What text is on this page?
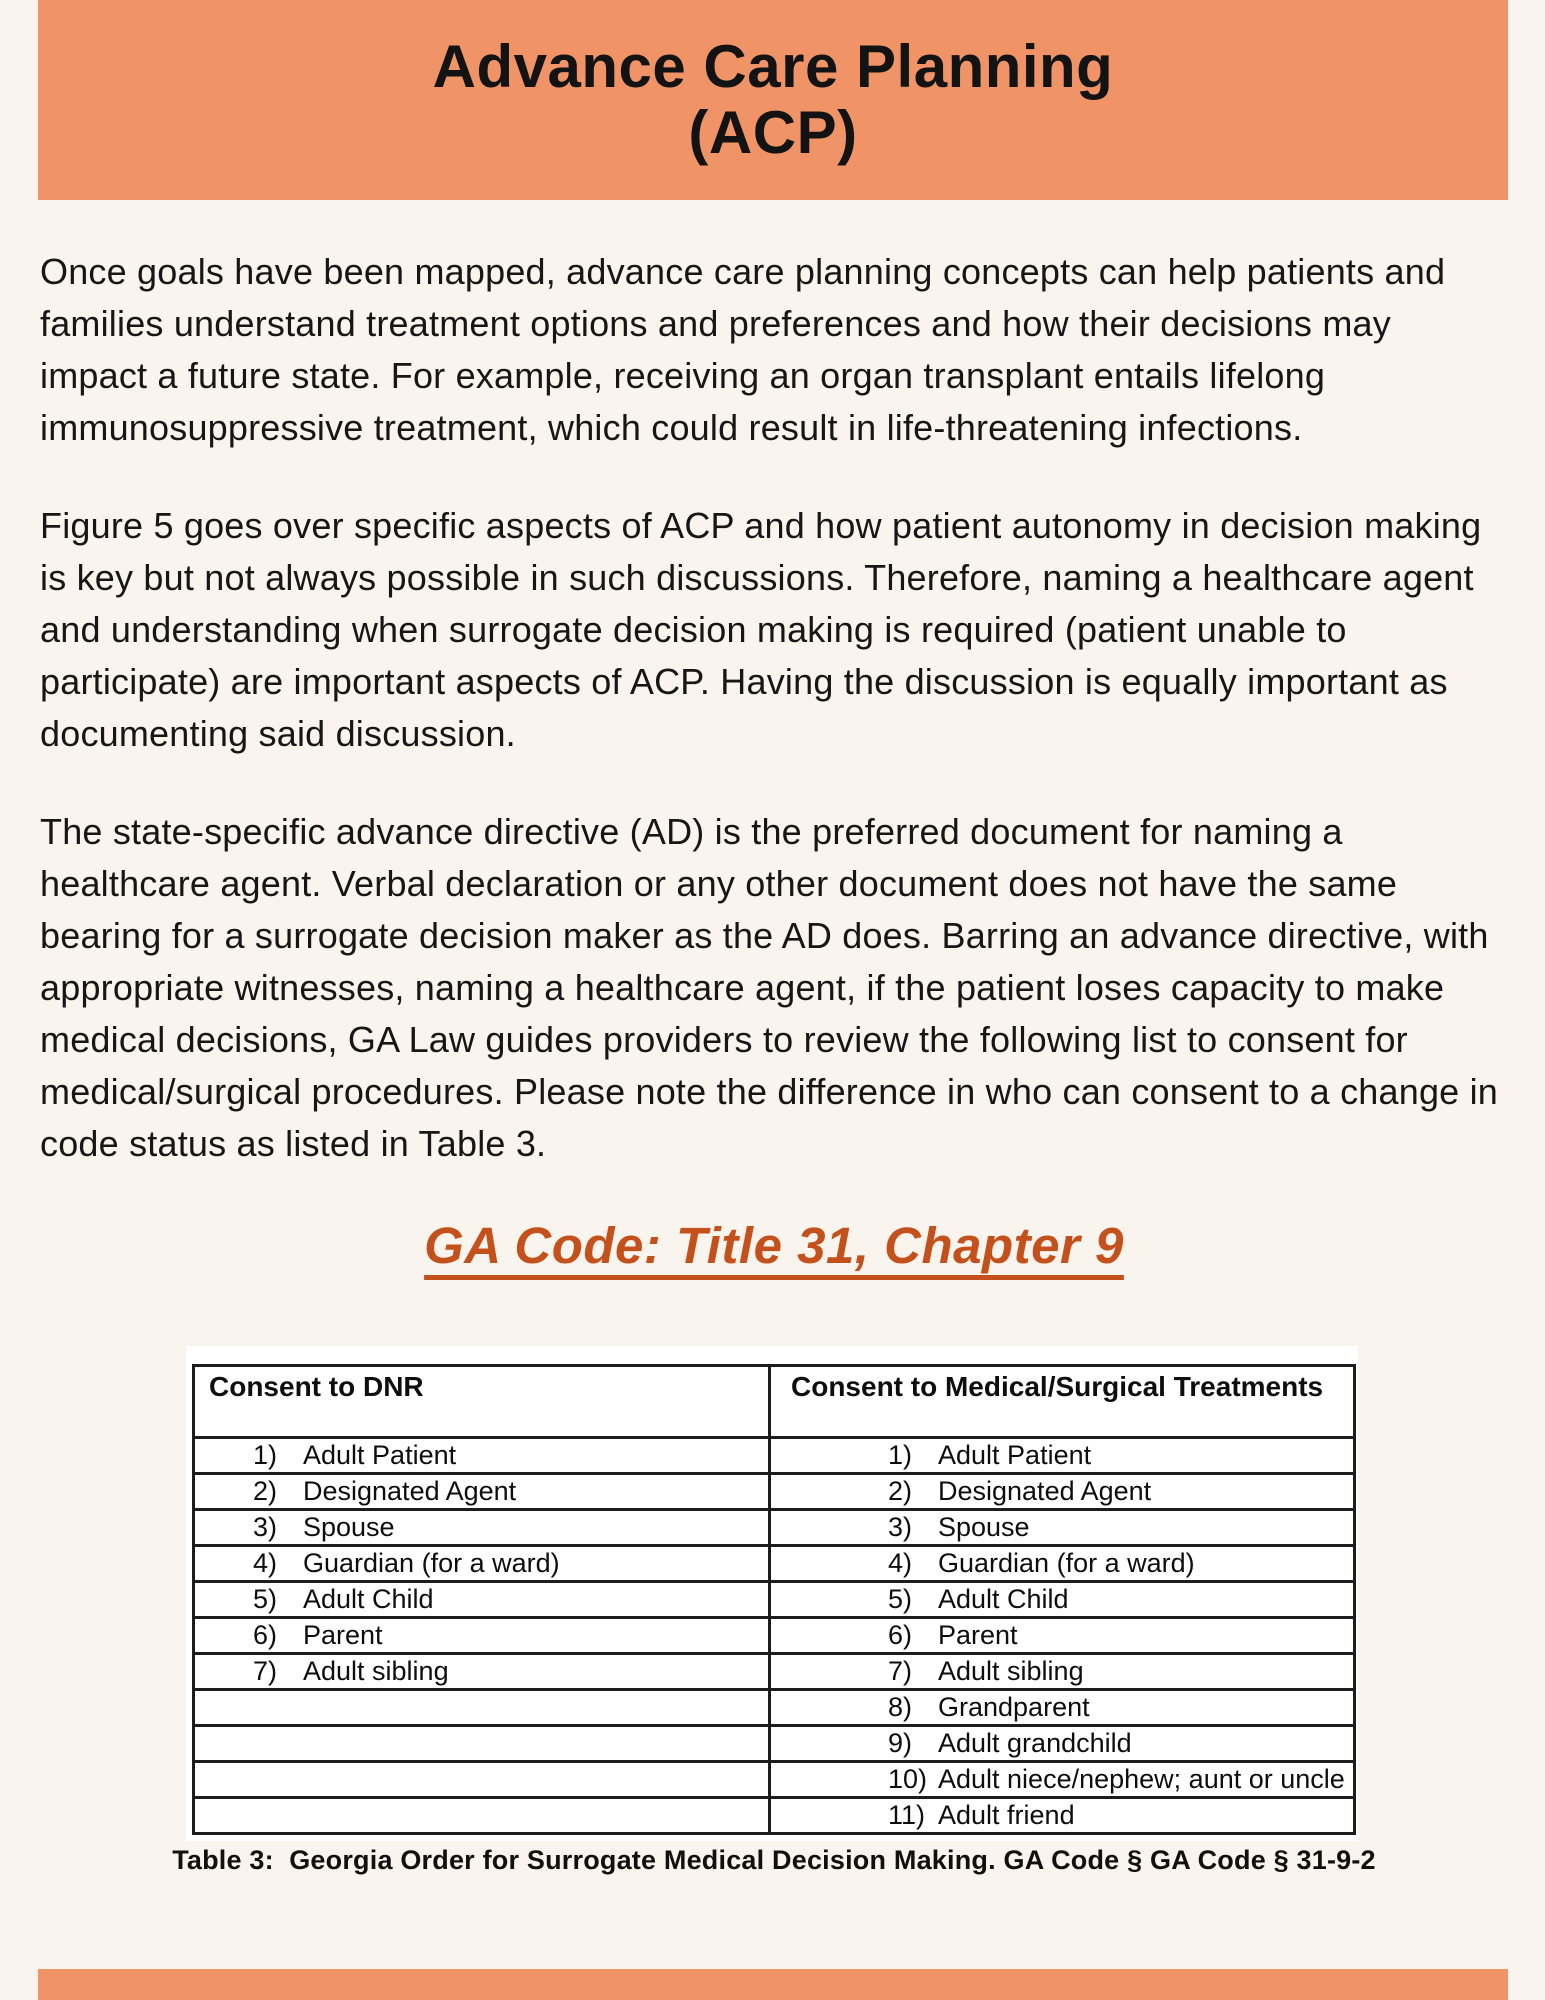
Advance Care Planning
(ACP)

Once goals have been mapped, advance care planning concepts can help patients and families understand treatment options and preferences and how their decisions may impact a future state. For example, receiving an organ transplant entails lifelong immunosuppressive treatment, which could result in life-threatening infections.

Figure 5 goes over specific aspects of ACP and how patient autonomy in decision making is key but not always possible in such discussions. Therefore, naming a healthcare agent and understanding when surrogate decision making is required (patient unable to participate) are important aspects of ACP. Having the discussion is equally important as documenting said discussion.

The state-specific advance directive (AD) is the preferred document for naming a healthcare agent. Verbal declaration or any other document does not have the same bearing for a surrogate decision maker as the AD does. Barring an advance directive, with appropriate witnesses, naming a healthcare agent, if the patient loses capacity to make medical decisions, GA Law guides providers to review the following list to consent for medical/surgical procedures. Please note the difference in who can consent to a change in code status as listed in Table 3.

GA Code: Title 31, Chapter 9
Consent to DNR	Consent to Medical/Surgical Treatments

1) Adult Patient	1) Adult Patient

2) Designated Agent	2) Designated Agent

3) Spouse	3) Spouse

4) Guardian (for a ward)	4) Guardian (for a ward)

5) Adult Child	5) Adult Child

6) Parent	6) Parent

7) Adult sibling	7) Adult sibling

	8) Grandparent

	9) Adult grandchild

	10) Adult niece/nephew; aunt or uncle

	11) Adult friend
Table 3:  Georgia Order for Surrogate Medical Decision Making. GA Code § GA Code § 31-9-2
